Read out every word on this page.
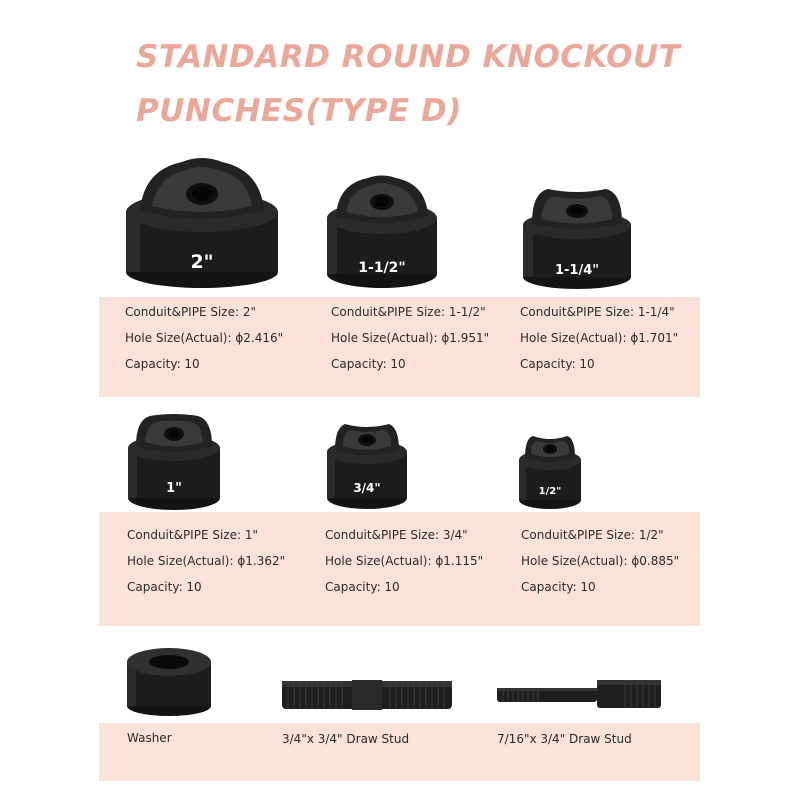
STANDARD ROUND KNOCKOUT
PUNCHES(TYPE D)
2"	1-1/2"	1-1/4"
Conduit&PIPE Size: 2"
Hole Size(Actual): ϕ2.416"
Capacity: 10
Conduit&PIPE Size: 1-1/2"
Hole Size(Actual): ϕ1.951"
Capacity: 10
Conduit&PIPE Size: 1-1/4"
Hole Size(Actual): ϕ1.701"
Capacity: 10
1"	3/4"	1/2"
Conduit&PIPE Size: 1"
Hole Size(Actual): ϕ1.362"
Capacity: 10
Conduit&PIPE Size: 3/4"
Hole Size(Actual): ϕ1.115"
Capacity: 10
Conduit&PIPE Size: 1/2"
Hole Size(Actual): ϕ0.885"
Capacity: 10
Washer	3/4"x 3/4" Draw Stud	7/16"x 3/4" Draw Stud
